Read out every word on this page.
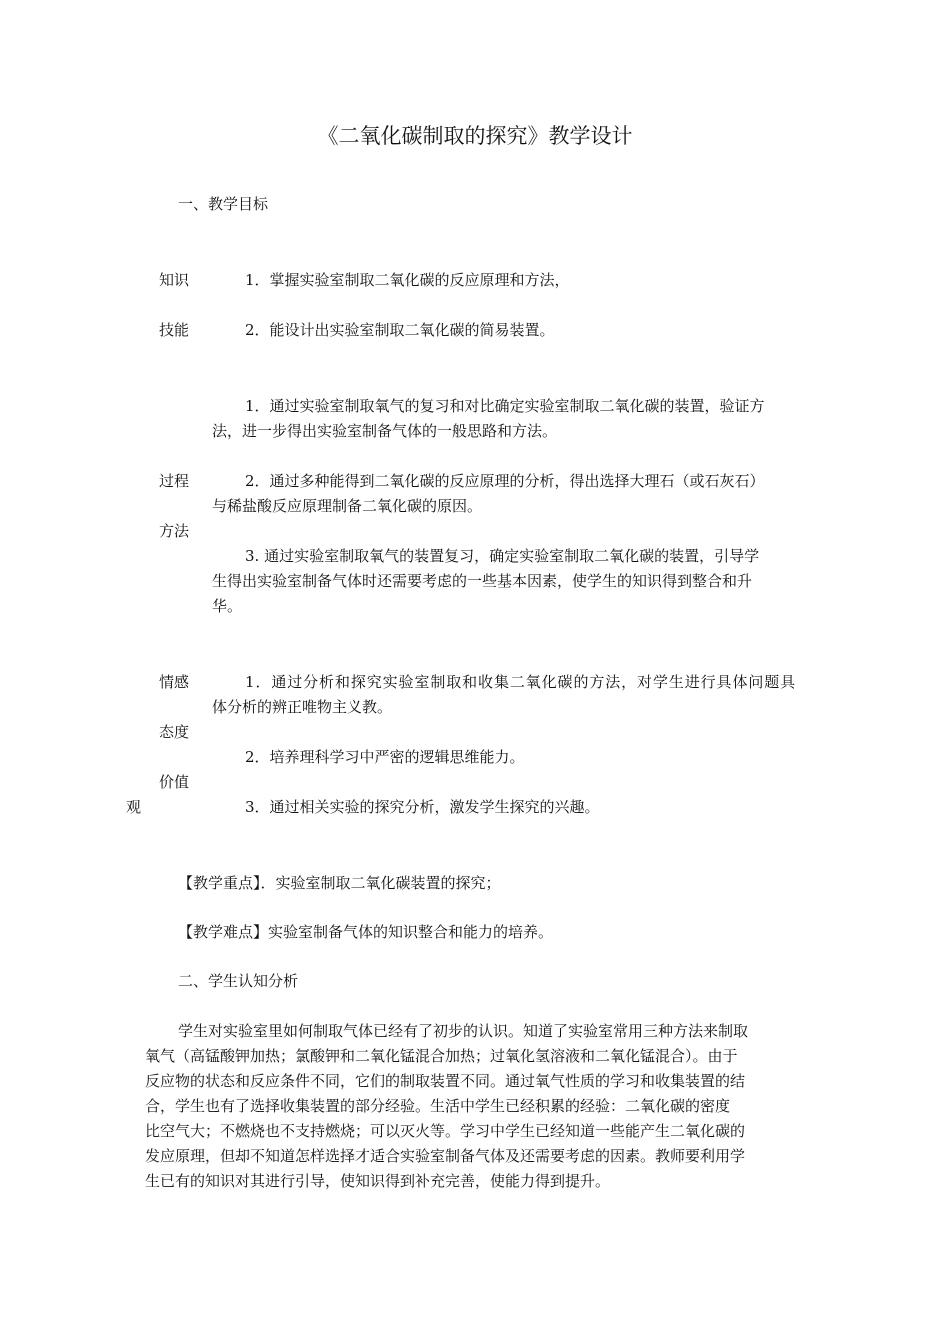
《二氧化碳制取的探究》教学设计
一、教学目标
知识
技能
1．掌握实验室制取二氧化碳的反应原理和方法，
2．能设计出实验室制取二氧化碳的简易装置。
过程
方法
1．通过实验室制取氧气的复习和对比确定实验室制取二氧化碳的装置，验证方
法，进一步得出实验室制备气体的一般思路和方法。
2．通过多种能得到二氧化碳的反应原理的分析，得出选择大理石（或石灰石）
与稀盐酸反应原理制备二氧化碳的原因。
3. 通过实验室制取氧气的装置复习，确定实验室制取二氧化碳的装置，引导学
生得出实验室制备气体时还需要考虑的一些基本因素，使学生的知识得到整合和升
华。
情感
态度
价值
观
1．通过分析和探究实验室制取和收集二氧化碳的方法，对学生进行具体问题具
体分析的辨正唯物主义教。
2．培养理科学习中严密的逻辑思维能力。
3．通过相关实验的探究分析，激发学生探究的兴趣。
【教学重点】．实验室制取二氧化碳装置的探究；
【教学难点】实验室制备气体的知识整合和能力的培养。
二、学生认知分析
学生对实验室里如何制取气体已经有了初步的认识。知道了实验室常用三种方法来制取
氧气（高锰酸钾加热；氯酸钾和二氧化锰混合加热；过氧化氢溶液和二氧化锰混合）。由于
反应物的状态和反应条件不同，它们的制取装置不同。通过氧气性质的学习和收集装置的结
合，学生也有了选择收集装置的部分经验。生活中学生已经积累的经验：二氧化碳的密度
比空气大；不燃烧也不支持燃烧；可以灭火等。学习中学生已经知道一些能产生二氧化碳的
发应原理，但却不知道怎样选择才适合实验室制备气体及还需要考虑的因素。教师要利用学
生已有的知识对其进行引导，使知识得到补充完善，使能力得到提升。
